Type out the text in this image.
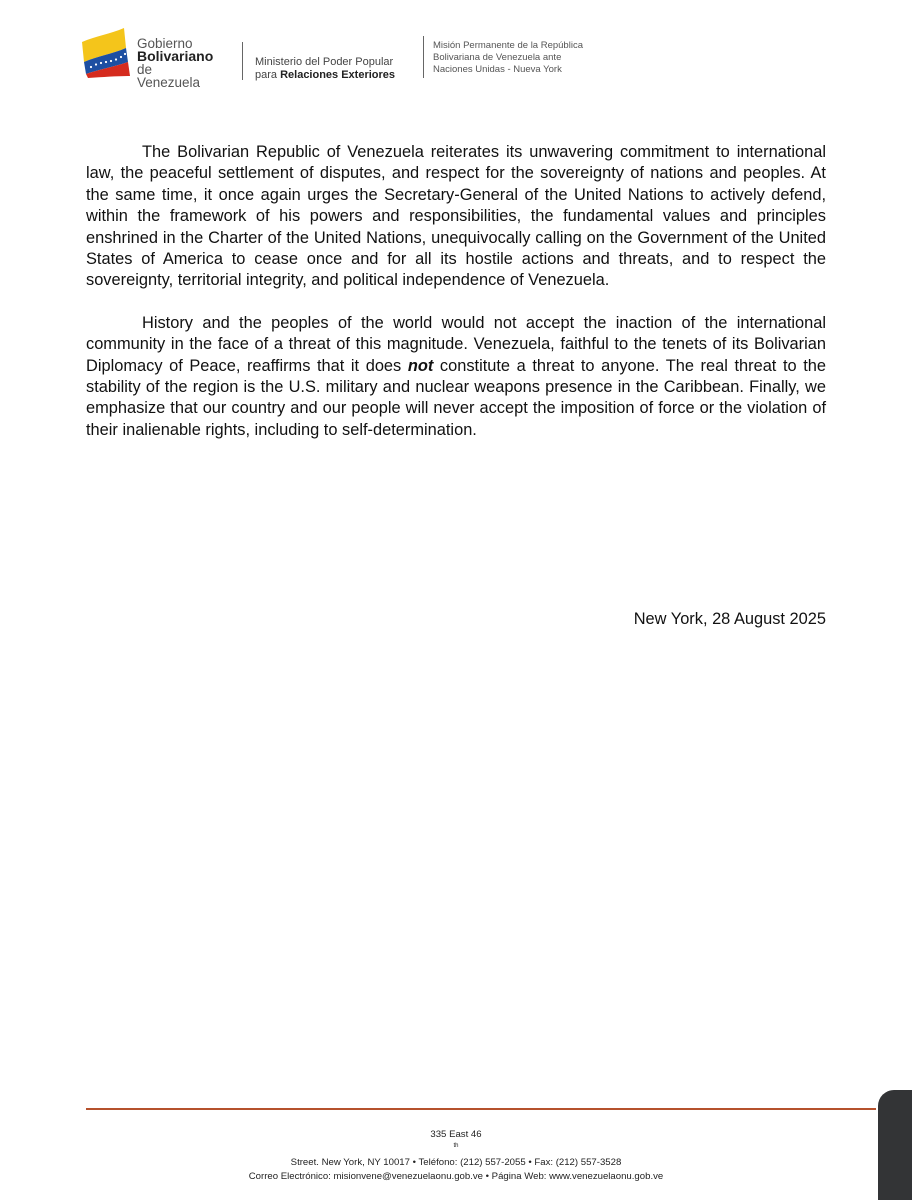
Gobierno
Bolivariano
de Venezuela
Ministerio del Poder Popular
para Relaciones Exteriores
Misión Permanente de la República
Bolivariana de Venezuela ante
Naciones Unidas - Nueva York

The Bolivarian Republic of Venezuela reiterates its unwavering commitment to international law, the peaceful settlement of disputes, and respect for the sovereignty of nations and peoples. At the same time, it once again urges the Secretary-General of the United Nations to actively defend, within the framework of his powers and responsibilities, the fundamental values and principles enshrined in the Charter of the United Nations, unequivocally calling on the Government of the United States of America to cease once and for all its hostile actions and threats, and to respect the sovereignty, territorial integrity, and political independence of Venezuela.

History and the peoples of the world would not accept the inaction of the international community in the face of a threat of this magnitude. Venezuela, faithful to the tenets of its Bolivarian Diplomacy of Peace, reaffirms that it does not constitute a threat to anyone. The real threat to the stability of the region is the U.S. military and nuclear weapons presence in the Caribbean. Finally, we emphasize that our country and our people will never accept the imposition of force or the violation of their inalienable rights, including to self-determination.

New York, 28 August 2025
335 East 46
$^{th}$
Street. New York, NY 10017 • Teléfono: (212) 557-2055 • Fax: (212) 557-3528
Correo Electrónico: misionvene@venezuelaonu.gob.ve • Página Web: www.venezuelaonu.gob.ve
